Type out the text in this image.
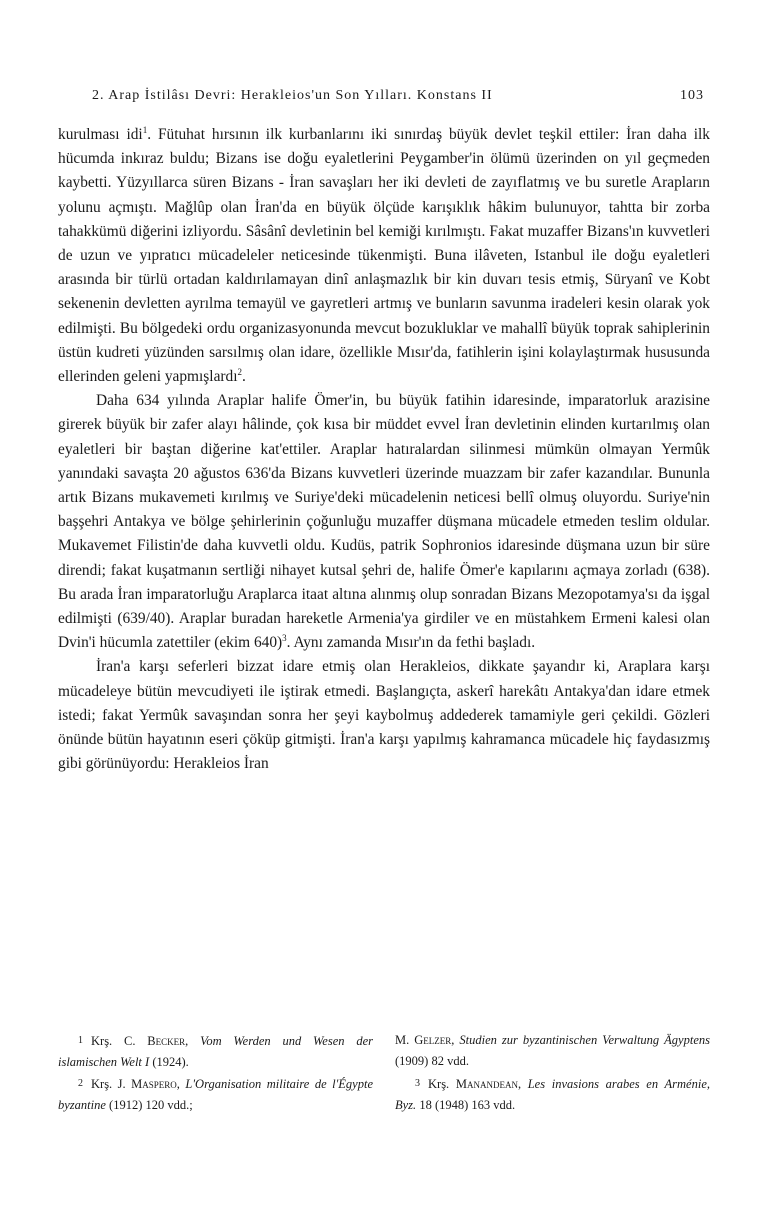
2. Arap İstilâsı Devri: Herakleios'un Son Yılları. Konstans II	103

kurulması idi$^1$. Fütuhat hırsının ilk kurbanlarını iki sınırdaş büyük devlet teşkil ettiler: İran daha ilk hücumda inkıraz buldu; Bizans ise doğu eyaletlerini Peygamber'in ölümü üzerinden on yıl geçmeden kaybetti. Yüzyıllarca süren Bizans - İran savaşları her iki devleti de zayıflatmış ve bu suretle Arapların yolunu açmıştı. Mağlûp olan İran'da en büyük ölçüde karışıklık hâkim bulunuyor, tahtta bir zorba tahakkümü diğerini izliyordu. Sâsânî devletinin bel kemiği kırılmıştı. Fakat muzaffer Bizans'ın kuvvetleri de uzun ve yıpratıcı mücadeleler neticesinde tükenmişti. Buna ilâveten, Istanbul ile doğu eyaletleri arasında bir türlü ortadan kaldırılamayan dinî anlaşmazlık bir kin duvarı tesis etmiş, Süryanî ve Kobt sekenenin devletten ayrılma temayül ve gayretleri artmış ve bunların savunma iradeleri kesin olarak yok edilmişti. Bu bölgedeki ordu organizasyonunda mevcut bozukluklar ve mahallî büyük toprak sahiplerinin üstün kudreti yüzünden sarsılmış olan idare, özellikle Mısır'da, fatihlerin işini kolaylaştırmak hususunda ellerinden geleni yapmışlardı$^2$.

Daha 634 yılında Araplar halife Ömer'in, bu büyük fatihin idaresinde, imparatorluk arazisine girerek büyük bir zafer alayı hâlinde, çok kısa bir müddet evvel İran devletinin elinden kurtarılmış olan eyaletleri bir baştan diğerine kat'ettiler. Araplar hatıralardan silinmesi mümkün olmayan Yermûk yanındaki savaşta 20 ağustos 636'da Bizans kuvvetleri üzerinde muazzam bir zafer kazandılar. Bununla artık Bizans mukavemeti kırılmış ve Suriye'deki mücadelenin neticesi bellî olmuş oluyordu. Suriye'nin başşehri Antakya ve bölge şehirlerinin çoğunluğu muzaffer düşmana mücadele etmeden teslim oldular. Mukavemet Filistin'de daha kuvvetli oldu. Kudüs, patrik Sophronios idaresinde düşmana uzun bir süre direndi; fakat kuşatmanın sertliği nihayet kutsal şehri de, halife Ömer'e kapılarını açmaya zorladı (638). Bu arada İran imparatorluğu Araplarca itaat altına alınmış olup sonradan Bizans Mezopotamya'sı da işgal edilmişti (639/40). Araplar buradan hareketle Armenia'ya girdiler ve en müstahkem Ermeni kalesi olan Dvin'i hücumla zatettiler (ekim 640)$^3$. Aynı zamanda Mısır'ın da fethi başladı.

İran'a karşı seferleri bizzat idare etmiş olan Herakleios, dikkate şayandır ki, Araplara karşı mücadeleye bütün mevcudiyeti ile iştirak etmedi. Başlangıçta, askerî harekâtı Antakya'dan idare etmek istedi; fakat Yermûk savaşından sonra her şeyi kaybolmuş addederek tamamiyle geri çekildi. Gözleri önünde bütün hayatının eseri çöküp gitmişti. İran'a karşı yapılmış kahramanca mücadele hiç faydasızmış gibi görünüyordu: Herakleios İran

1 Krş. C. Becker, Vom Werden und Wesen der islamischen Welt I (1924).
M. Gelzer, Studien zur byzantinischen Verwaltung Ägyptens (1909) 82 vdd.
2 Krş. J. Maspero, L'Organisation militaire de l'Égypte byzantine (1912) 120 vdd.;
3 Krş. Manandean, Les invasions arabes en Arménie, Byz. 18 (1948) 163 vdd.
